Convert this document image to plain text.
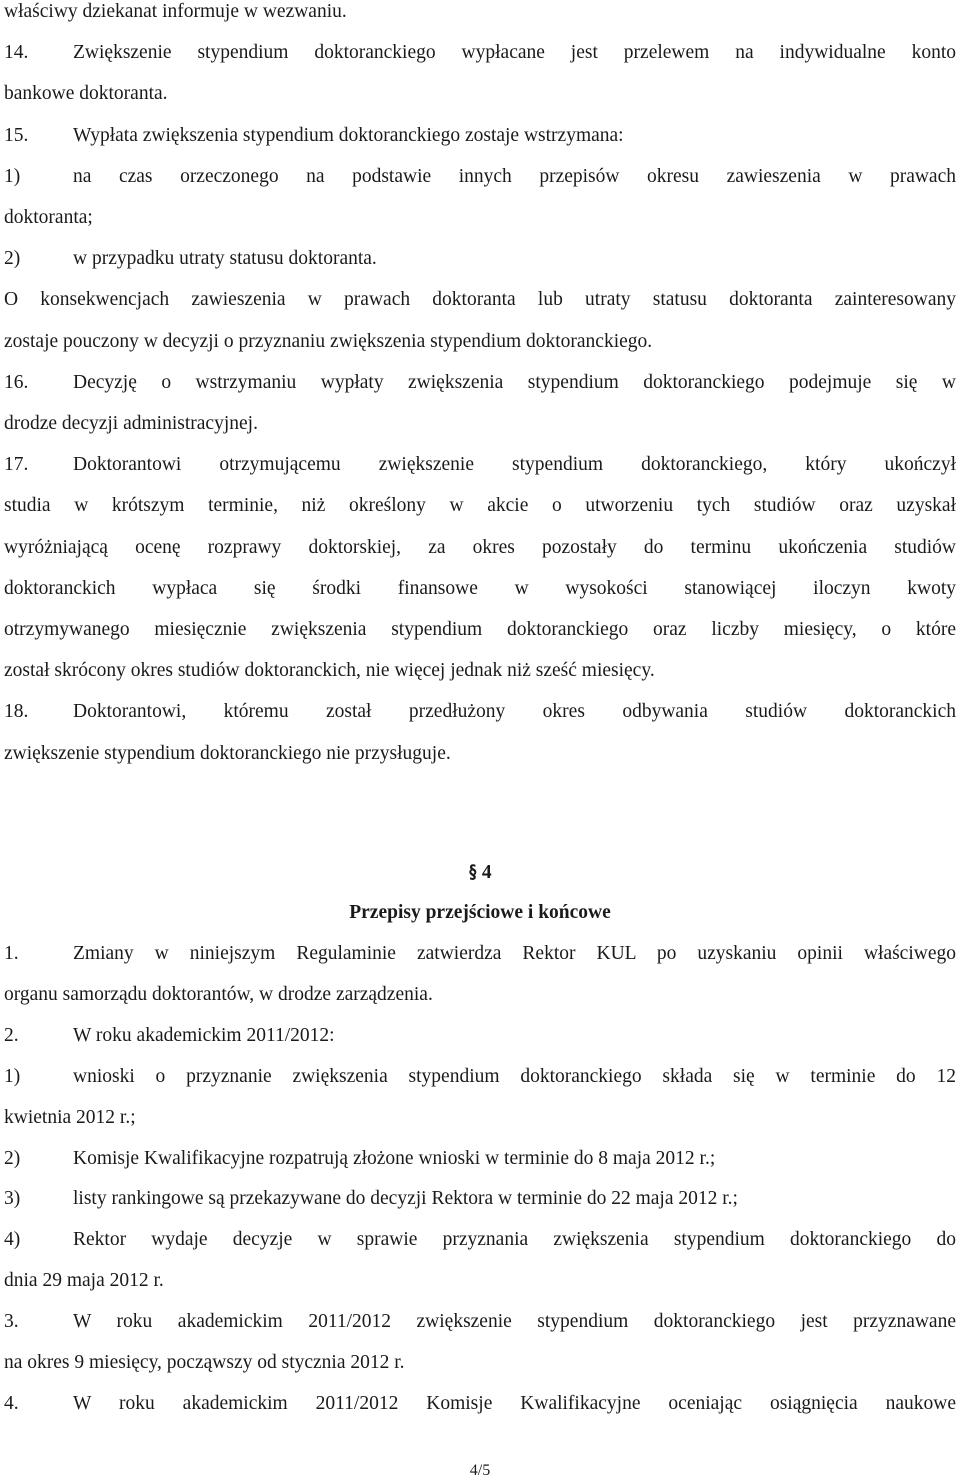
właściwy dziekanat informuje w wezwaniu.
14. Zwiększenie stypendium doktoranckiego wypłacane jest przelewem na indywidualne konto
bankowe doktoranta.
15. Wypłata zwiększenia stypendium doktoranckiego zostaje wstrzymana:
1)	na czas orzeczonego na podstawie innych przepisów okresu zawieszenia w prawach
doktoranta;
2)	w przypadku utraty statusu doktoranta.
O konsekwencjach zawieszenia w prawach doktoranta lub utraty statusu doktoranta zainteresowany
zostaje pouczony w decyzji o przyznaniu zwiększenia stypendium doktoranckiego.
16. Decyzję o wstrzymaniu wypłaty zwiększenia stypendium doktoranckiego podejmuje się w
drodze decyzji administracyjnej.
17. Doktorantowi otrzymującemu zwiększenie stypendium doktoranckiego, który ukończył
studia w krótszym terminie, niż określony w akcie o utworzeniu tych studiów oraz uzyskał
wyróżniającą ocenę rozprawy doktorskiej, za okres pozostały do terminu ukończenia studiów
doktoranckich wypłaca się środki finansowe w wysokości stanowiącej iloczyn kwoty
otrzymywanego miesięcznie zwiększenia stypendium doktoranckiego oraz liczby miesięcy, o które
został skrócony okres studiów doktoranckich, nie więcej jednak niż sześć miesięcy.
18. Doktorantowi, któremu został przedłużony okres odbywania studiów doktoranckich
zwiększenie stypendium doktoranckiego nie przysługuje.
§ 4
Przepisy przejściowe i końcowe
1.	Zmiany w niniejszym Regulaminie zatwierdza Rektor KUL po uzyskaniu opinii właściwego
organu samorządu doktorantów, w drodze zarządzenia.
2.	W roku akademickim 2011/2012:
1)	wnioski o przyznanie zwiększenia stypendium doktoranckiego składa się w terminie do 12
kwietnia 2012 r.;
2)	Komisje Kwalifikacyjne rozpatrują złożone wnioski w terminie do 8 maja 2012 r.;
3)	listy rankingowe są przekazywane do decyzji Rektora w terminie do 22 maja 2012 r.;
4)	Rektor wydaje decyzje w sprawie przyznania zwiększenia stypendium doktoranckiego do
dnia 29 maja 2012 r.
3.	W roku akademickim 2011/2012 zwiększenie stypendium doktoranckiego jest przyznawane
na okres 9 miesięcy, począwszy od stycznia 2012 r.
4.	W roku akademickim 2011/2012 Komisje Kwalifikacyjne oceniając osiągnięcia naukowe
4/5
